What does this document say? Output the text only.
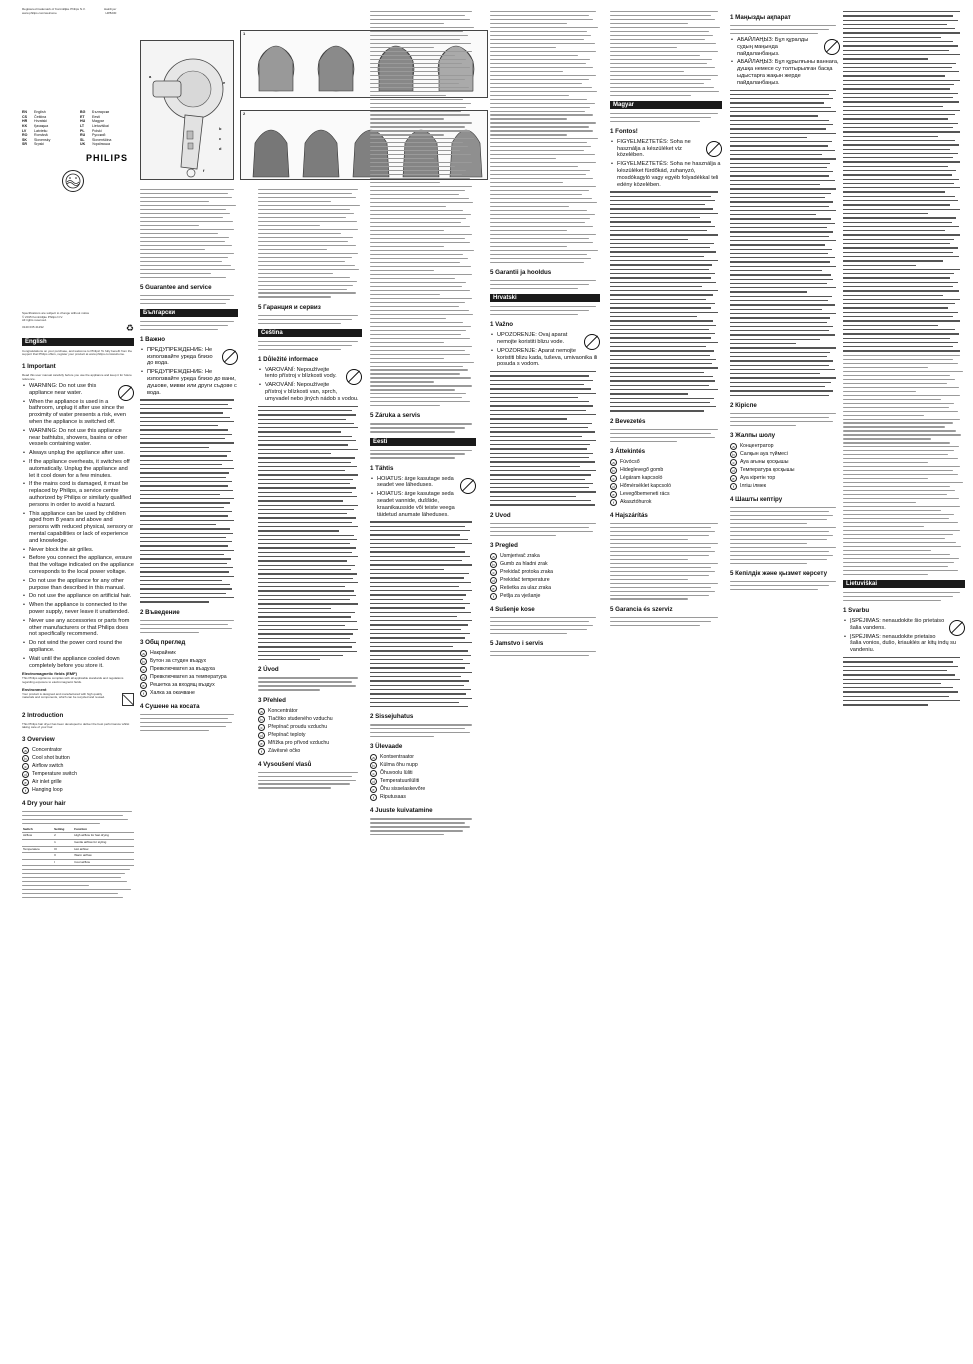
Registered trademark of Koninklijke Philips N.V.
www.philips.com/welcome
Hairdryer
HP8230
EN	English	BG	Български
CS	Čeština	ET	Eesti
HR	Hrvatski	HU	Magyar
KK	Қазақша	LT	Lietuviškai
LV	Latviešu	PL	Polski
RO	Română	RU	Русский
SK	Slovensky	SL	Slovenščina
SR	Srpski	UK	Українська
PHILIPS
Specifications are subject to change without notice
© 2015 Koninklijke Philips N.V.
All rights reserved.
3140 035 41292	♻
English
Congratulations on your purchase, and welcome to Philips! To fully benefit from the support that Philips offers, register your product at www.philips.com/welcome.
1 Important
Read this user manual carefully before you use the appliance and keep it for future reference.
• WARNING: Do not use this appliance near water.
• When the appliance is used in a bathroom, unplug it after use since the proximity of water presents a risk, even when the appliance is switched off.
• WARNING: Do not use this appliance near bathtubs, showers, basins or other vessels containing water.
• Always unplug the appliance after use.
• If the appliance overheats, it switches off automatically. Unplug the appliance and let it cool down for a few minutes.
• If the mains cord is damaged, it must be replaced by Philips, a service centre authorized by Philips or similarly qualified persons in order to avoid a hazard.
• This appliance can be used by children aged from 8 years and above and persons with reduced physical, sensory or mental capabilities or lack of experience and knowledge.
• Never block the air grilles.
• Before you connect the appliance, ensure that the voltage indicated on the appliance corresponds to the local power voltage.
• Do not use the appliance for any other purpose than described in this manual.
• Do not use the appliance on artificial hair.
• When the appliance is connected to the power supply, never leave it unattended.
• Never use any accessories or parts from other manufacturers or that Philips does not specifically recommend.
• Do not wind the power cord round the appliance.
• Wait until the appliance cooled down completely before you store it.
Electromagnetic fields (EMF)
This Philips appliance complies with all applicable standards and regulations regarding exposure to electromagnetic fields.
Environment
Your product is designed and manufactured with high quality materials and components, which can be recycled and reused.
2 Introduction
This Philips hair dryer has been developed to deliver the best performance whilst taking care of your hair.
3 Overview
a	Concentrator
b	Cool shot button
c	Airflow switch
d	Temperature switch
e	Air inlet grille
f	Hanging loop
4 Dry your hair
Switch	Setting	Function
Airflow	2	High airflow for fast drying
	1	Gentle airflow for styling
Temperature	III	Hot airflow
	II	Warm airflow
	I	Cool airflow
a
b
c
d
e
f
1
2
5 Guarantee and service
Български
1 Важно
• ПРЕДУПРЕЖДЕНИЕ: Не използвайте уреда близо до вода.
• ПРЕДУПРЕЖДЕНИЕ: Не използвайте уреда близо до вани, душове, мивки или други съдове с вода.
2 Въведение
3 Общ преглед
a	Накрайник
b	Бутон за студен въздух
c	Превключвател за въздуха
d	Превключвател за температура
e	Решетка за входящ въздух
f	Халка за окачване
4 Сушене на косата
5 Гаранция и сервиз
Čeština
1 Důležité informace
• VAROVÁNÍ: Nepoužívejte tento přístroj v blízkosti vody.
• VAROVÁNÍ: Nepoužívejte přístroj v blízkosti van, sprch, umyvadel nebo jiných nádob s vodou.
2 Úvod
3 Přehled
a	Koncentrátor
b	Tlačítko studeného vzduchu
c	Přepínač proudu vzduchu
d	Přepínač teploty
e	Mřížka pro přívod vzduchu
f	Závěsné očko
4 Vysoušení vlasů
5 Záruka a servis
Eesti
1 Tähtis
• HOIATUS: ärge kasutage seda seadet vee läheduses.
• HOIATUS: ärge kasutage seda seadet vannide, duššide, kraanikausside või teiste veega täidetud anumate läheduses.
2 Sissejuhatus
3 Ülevaade
a	Kontsentraator
b	Külma õhu nupp
c	Õhuvoolu lüliti
d	Temperatuurilüliti
e	Õhu sisselaskevõre
f	Riputusaas
4 Juuste kuivatamine
5 Garantii ja hooldus
Hrvatski
1 Važno
• UPOZORENJE: Ovaj aparat nemojte koristiti blizu vode.
• UPOZORENJE: Aparat nemojte koristiti blizu kada, tuševa, umivaonika ili posuda s vodom.
2 Uvod
3 Pregled
a	Usmjerivač zraka
b	Gumb za hladni zrak
c	Prekidač protoka zraka
d	Prekidač temperature
e	Rešetka za ulaz zraka
f	Petlja za vješanje
4 Sušenje kose
5 Jamstvo i servis
Magyar
1 Fontos!
• FIGYELMEZTETÉS: Soha ne használja a készüléket víz közelében.
• FIGYELMEZTETÉS: Soha ne használja a készüléket fürdőkád, zuhanyzó, mosdókagyló vagy egyéb folyadékkal teli edény közelében.
2 Bevezetés
3 Áttekintés
a	Fúvócső
b	Hideglevegő gomb
c	Légáram kapcsoló
d	Hőmérséklet kapcsoló
e	Levegőbemeneti rács
f	Akasztóhurok
4 Hajszárítás
5 Garancia és szerviz
1 Маңызды ақпарат
• АБАЙЛАҢЫЗ: Бұл құралды судың маңында пайдаланбаңыз.
• АБАЙЛАҢЫЗ: Бұл құрылғыны ваннаға, душқа немесе су толтырылған басқа ыдыстарға жақын жерде пайдаланбаңыз.
2 Кіріспе
3 Жалпы шолу
a	Концентратор
b	Салқын ауа түймесі
c	Ауа ағыны қосқышы
d	Температура қосқышы
e	Ауа кіретін тор
f	Ілгіш ілмек
4 Шашты кептіру
5 Кепілдік және қызмет көрсету
Lietuviškai
1 Svarbu
• ĮSPĖJIMAS: nenaudokite šio prietaiso šalia vandens.
• ĮSPĖJIMAS: nenaudokite prietaiso šalia vonios, dušo, kriauklės ar kitų indų su vandeniu.
